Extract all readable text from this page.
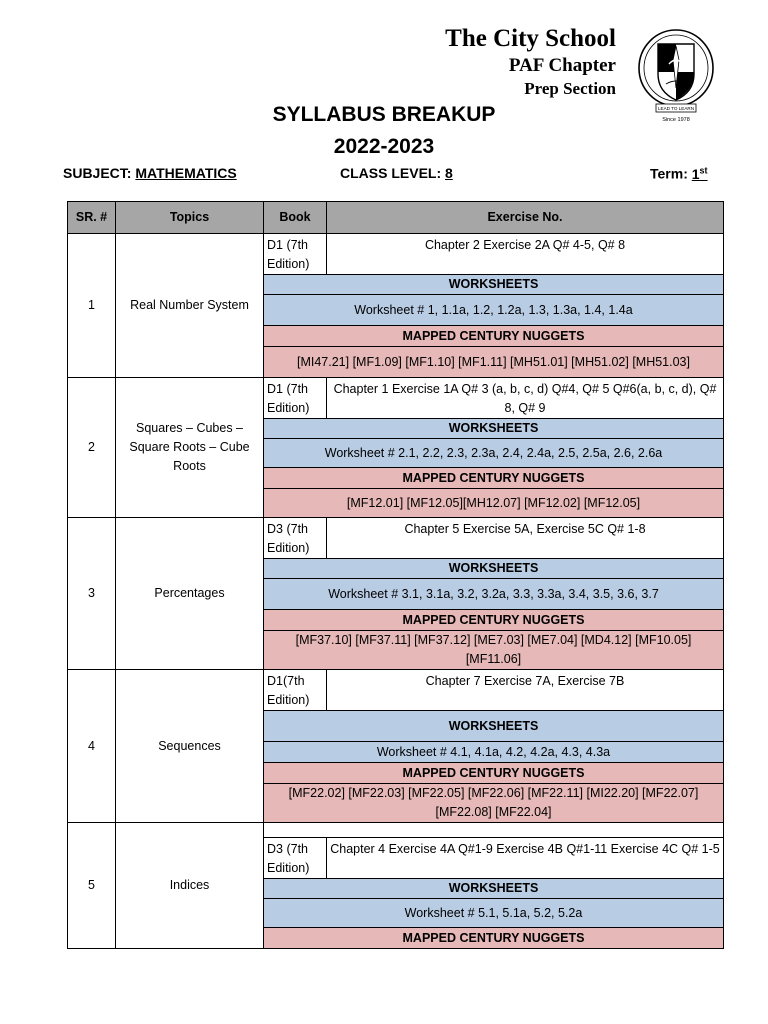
The City School
PAF Chapter
Prep Section
LEAD TO LEARN
Since 1978
SYLLABUS BREAKUP
2022-2023
SUBJECT: MATHEMATICS	CLASS LEVEL: 8	Term: 1st
SR. #	Topics	Book	Exercise No.
1	Real Number System	D1 (7th Edition)	Chapter 2 Exercise 2A Q# 4-5, Q# 8
		WORKSHEETS	
		Worksheet # 1, 1.1a, 1.2, 1.2a, 1.3, 1.3a, 1.4, 1.4a	
		MAPPED CENTURY NUGGETS	
		[MI47.21] [MF1.09] [MF1.10] [MF1.11] [MH51.01] [MH51.02] [MH51.03]	
2	Squares – Cubes – Square Roots – Cube Roots	D1 (7th Edition)	Chapter 1 Exercise 1A Q# 3 (a, b, c, d) Q#4, Q# 5 Q#6(a, b, c, d), Q# 8, Q# 9
		WORKSHEETS	
		Worksheet # 2.1, 2.2, 2.3, 2.3a, 2.4, 2.4a, 2.5, 2.5a, 2.6, 2.6a	
		MAPPED CENTURY NUGGETS	
		[MF12.01] [MF12.05][MH12.07] [MF12.02] [MF12.05]	
3	Percentages	D3 (7th Edition)	Chapter 5 Exercise 5A, Exercise 5C Q# 1-8
		WORKSHEETS	
		Worksheet # 3.1, 3.1a, 3.2, 3.2a, 3.3, 3.3a, 3.4, 3.5, 3.6, 3.7	
		MAPPED CENTURY NUGGETS	
		[MF37.10] [MF37.11] [MF37.12] [ME7.03] [ME7.04] [MD4.12] [MF10.05] [MF11.06]	
4	Sequences	D1(7th Edition)	Chapter 7 Exercise 7A, Exercise 7B
		WORKSHEETS	
		Worksheet # 4.1, 4.1a, 4.2, 4.2a, 4.3, 4.3a	
		MAPPED CENTURY NUGGETS	
		[MF22.02] [MF22.03] [MF22.05] [MF22.06] [MF22.11] [MI22.20] [MF22.07] [MF22.08] [MF22.04]	
5	Indices		
		D3 (7th Edition)	Chapter 4 Exercise 4A Q#1-9 Exercise 4B Q#1-11 Exercise 4C Q# 1-5
		WORKSHEETS	
		Worksheet # 5.1, 5.1a, 5.2, 5.2a	
		MAPPED CENTURY NUGGETS	
